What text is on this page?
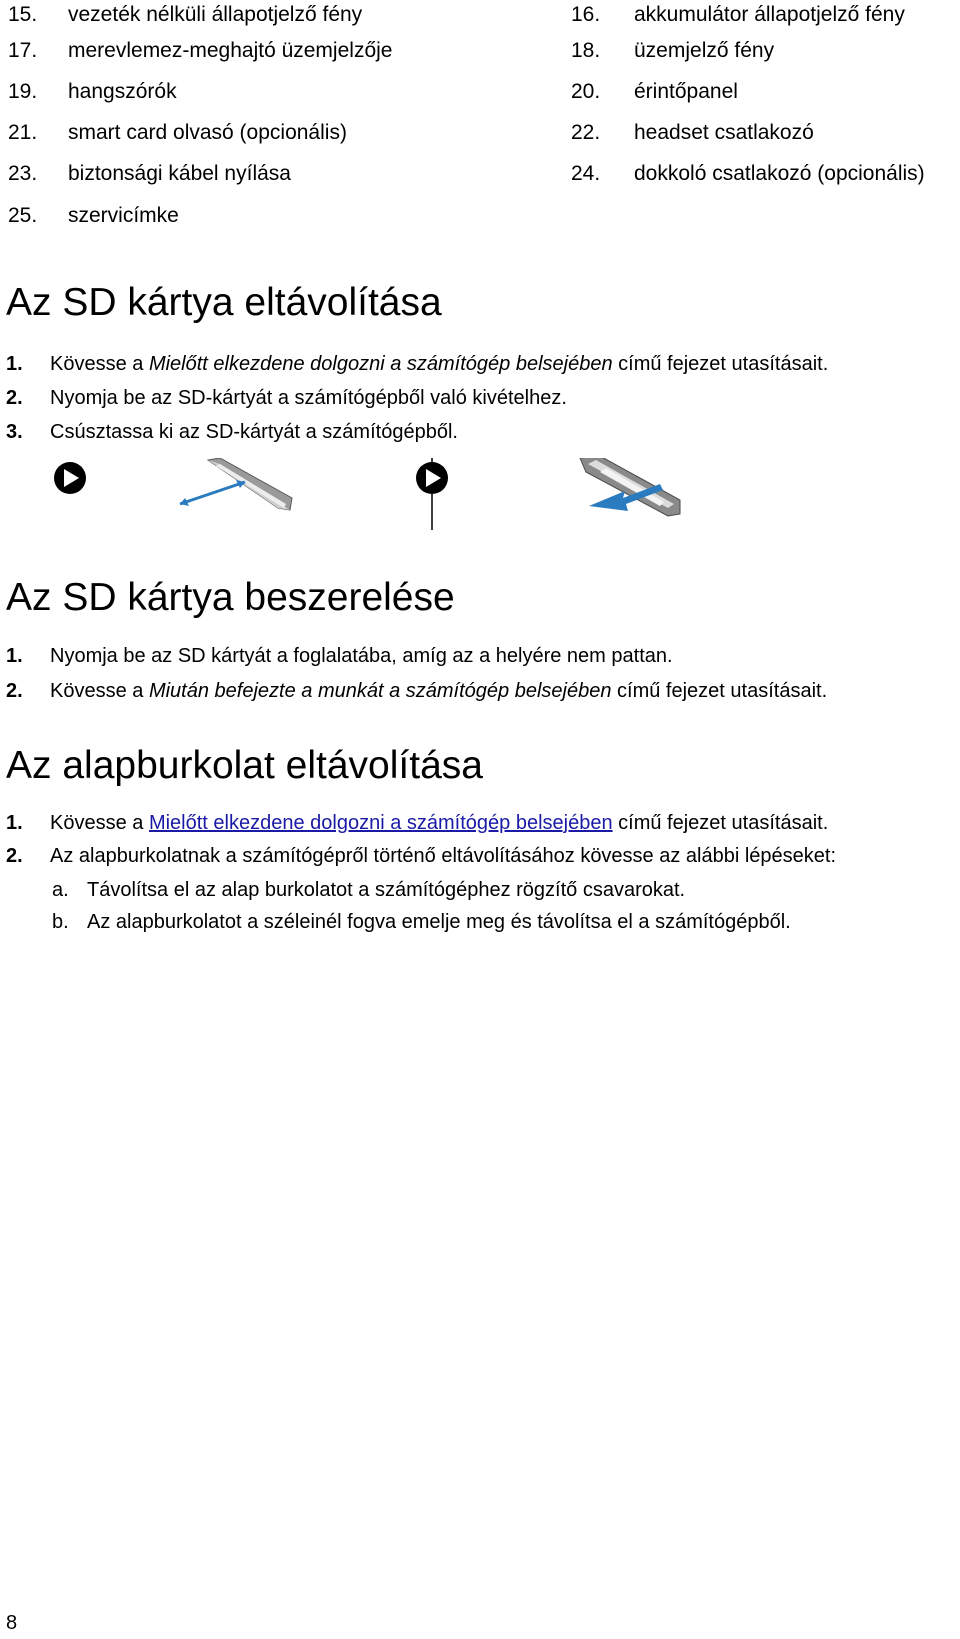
15. vezeték nélküli állapotjelző fény	16. akkumulátor állapotjelző fény
17. merevlemez-meghajtó üzemjelzője	18. üzemjelző fény
19. hangszórók	20. érintőpanel
21. smart card olvasó (opcionális)	22. headset csatlakozó
23. biztonsági kábel nyílása	24. dokkoló csatlakozó (opcionális)
25. szervicímke
Az SD kártya eltávolítása
1. Kövesse a Mielőtt elkezdene dolgozni a számítógép belsejében című fejezet utasításait.
2. Nyomja be az SD-kártyát a számítógépből való kivételhez.
3. Csúsztassa ki az SD-kártyát a számítógépből.
Az SD kártya beszerelése
1. Nyomja be az SD kártyát a foglalatába, amíg az a helyére nem pattan.
2. Kövesse a Miután befejezte a munkát a számítógép belsejében című fejezet utasításait.
Az alapburkolat eltávolítása
1. Kövesse a Mielőtt elkezdene dolgozni a számítógép belsejében című fejezet utasításait.
2. Az alapburkolatnak a számítógépről történő eltávolításához kövesse az alábbi lépéseket:
a. Távolítsa el az alap burkolatot a számítógéphez rögzítő csavarokat.
b. Az alapburkolatot a széleinél fogva emelje meg és távolítsa el a számítógépből.
8
